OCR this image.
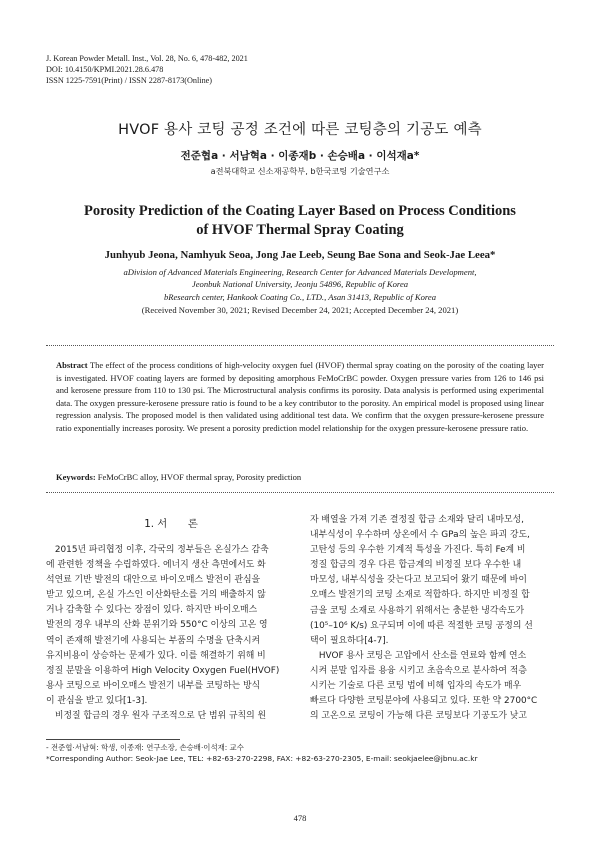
J. Korean Powder Metall. Inst., Vol. 28, No. 6, 478-482, 2021
DOI: 10.4150/KPMI.2021.28.6.478
ISSN 1225-7591(Print) / ISSN 2287-8173(Online)
HVOF 용사 코팅 공정 조건에 따른 코팅층의 기공도 예측
전준협a · 서남혁a · 이종재b · 손승배a · 이석재a*
a전북대학교 신소재공학부, b한국코팅 기술연구소
Porosity Prediction of the Coating Layer Based on Process Conditions
of HVOF Thermal Spray Coating
Junhyub Jeona, Namhyuk Seoa, Jong Jae Leeb, Seung Bae Sona and Seok-Jae Leea*
aDivision of Advanced Materials Engineering, Research Center for Advanced Materials Development,
Jeonbuk National University, Jeonju 54896, Republic of Korea
bResearch center, Hankook Coating Co., LTD., Asan 31413, Republic of Korea
(Received November 30, 2021; Revised December 24, 2021; Accepted December 24, 2021)
Abstract The effect of the process conditions of high-velocity oxygen fuel (HVOF) thermal spray coating on the porosity of the coating layer is investigated. HVOF coating layers are formed by depositing amorphous FeMoCrBC powder. Oxygen pressure varies from 126 to 146 psi and kerosene pressure from 110 to 130 psi. The Microstructural analysis confirms its porosity. Data analysis is performed using experimental data. The oxygen pressure-kerosene pressure ratio is found to be a key contributor to the porosity. An empirical model is proposed using linear regression analysis. The proposed model is then validated using additional test data. We confirm that the oxygen pressure-kerosene pressure ratio exponentially increases porosity. We present a porosity prediction model relationship for the oxygen pressure-kerosene pressure ratio.
Keywords: FeMoCrBC alloy, HVOF thermal spray, Porosity prediction
1. 서　　론
　2015년 파리협정 이후, 각국의 정부들은 온실가스 감축
에 관련한 정책을 수립하였다. 에너지 생산 측면에서도 화
석연료 기반 발전의 대안으로 바이오매스 발전이 관심을
받고 있으며, 온실 가스인 이산화탄소를 거의 배출하지 않
거나 감축할 수 있다는 장점이 있다. 하지만 바이오매스
발전의 경우 내부의 산화 분위기와 550°C 이상의 고온 영
역이 존재해 발전기에 사용되는 부품의 수명을 단축시켜
유지비용이 상승하는 문제가 있다. 이를 해결하기 위해 비
정질 분말을 이용하여 High Velocity Oxygen Fuel(HVOF)
용사 코팅으로 바이오매스 발전기 내부를 코팅하는 방식
이 관심을 받고 있다[1-3].
　비정질 합금의 경우 원자 구조적으로 단 범위 규칙의 원
자 배열을 가져 기존 결정질 합금 소재와 달리 내마모성,
내부식성이 우수하며 상온에서 수 GPa의 높은 파괴 강도,
고탄성 등의 우수한 기계적 특성을 가진다. 특히 Fe계 비
정질 합금의 경우 다른 합금계의 비정질 보다 우수한 내
마모성, 내부식성을 갖는다고 보고되어 왔기 때문에 바이
오매스 발전기의 코팅 소재로 적합하다. 하지만 비정질 합
금을 코팅 소재로 사용하기 위해서는 충분한 냉각속도가
(10⁵–10⁶ K/s) 요구되며 이에 따른 적절한 코팅 공정의 선
택이 필요하다[4-7].
　HVOF 용사 코팅은 고압에서 산소를 연료와 함께 연소
시켜 분말 입자를 용융 시키고 초음속으로 분사하여 적층
시키는 기술로 다른 코팅 법에 비해 입자의 속도가 매우
빠르다 다양한 코팅분야에 사용되고 있다. 또한 약 2700°C
의 고온으로 코팅이 가능해 다른 코팅보다 기공도가 낮고
- 전준협·서남혁: 학생, 이종재: 연구소장, 손승배·이석재: 교수
*Corresponding Author: Seok-Jae Lee, TEL: +82-63-270-2298, FAX: +82-63-270-2305, E-mail: seokjaelee@jbnu.ac.kr
478
